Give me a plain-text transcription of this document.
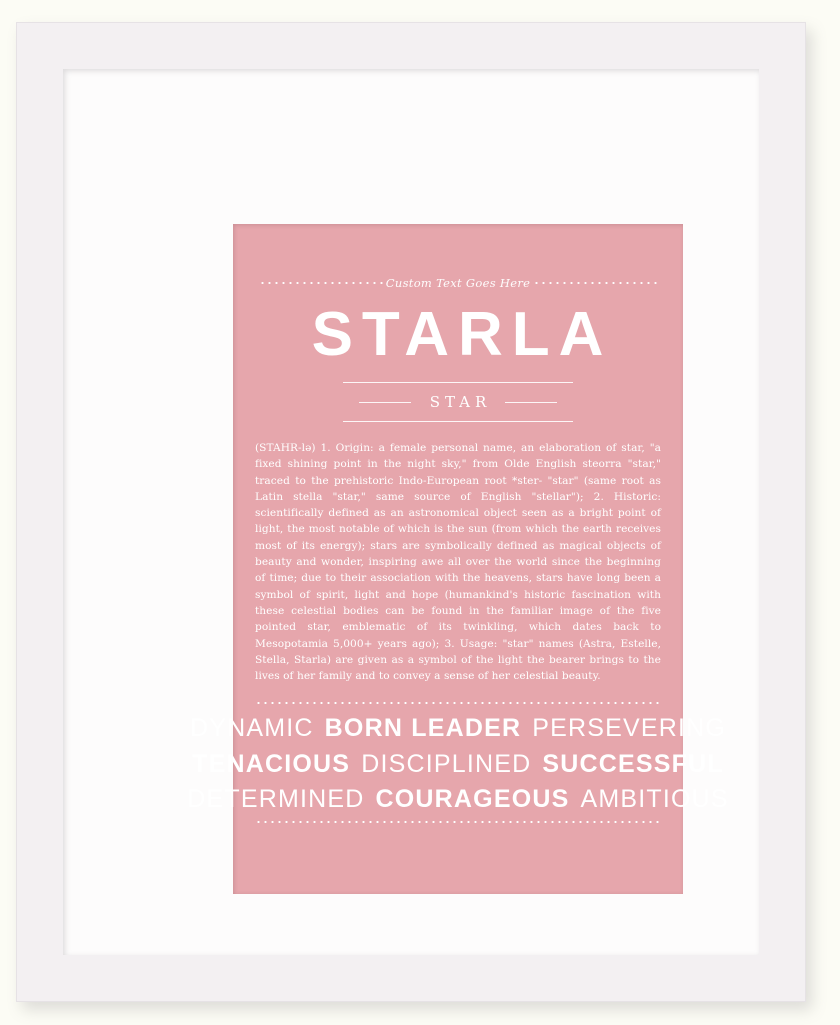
Custom Text Goes Here
STARLA
STAR
(STAHR-lə) 1. Origin: a female personal name, an elaboration of star, "a fixed shining point in the night sky," from Olde English steorra "star," traced to the prehistoric Indo-European root *ster- "star" (same root as Latin stella "star," same source of English "stellar"); 2. Historic: scientifically defined as an astronomical object seen as a bright point of light, the most notable of which is the sun (from which the earth receives most of its energy); stars are symbolically defined as magical objects of beauty and wonder, inspiring awe all over the world since the beginning of time; due to their association with the heavens, stars have long been a symbol of spirit, light and hope (humankind's historic fascination with these celestial bodies can be found in the familiar image of the five pointed star, emblematic of its twinkling, which dates back to Mesopotamia 5,000+ years ago); 3. Usage: "star" names (Astra, Estelle, Stella, Starla) are given as a symbol of the light the bearer brings to the lives of her family and to convey a sense of her celestial beauty.
DYNAMIC BORN LEADER PERSEVERING
TENACIOUS DISCIPLINED SUCCESSFUL
DETERMINED COURAGEOUS AMBITIOUS
